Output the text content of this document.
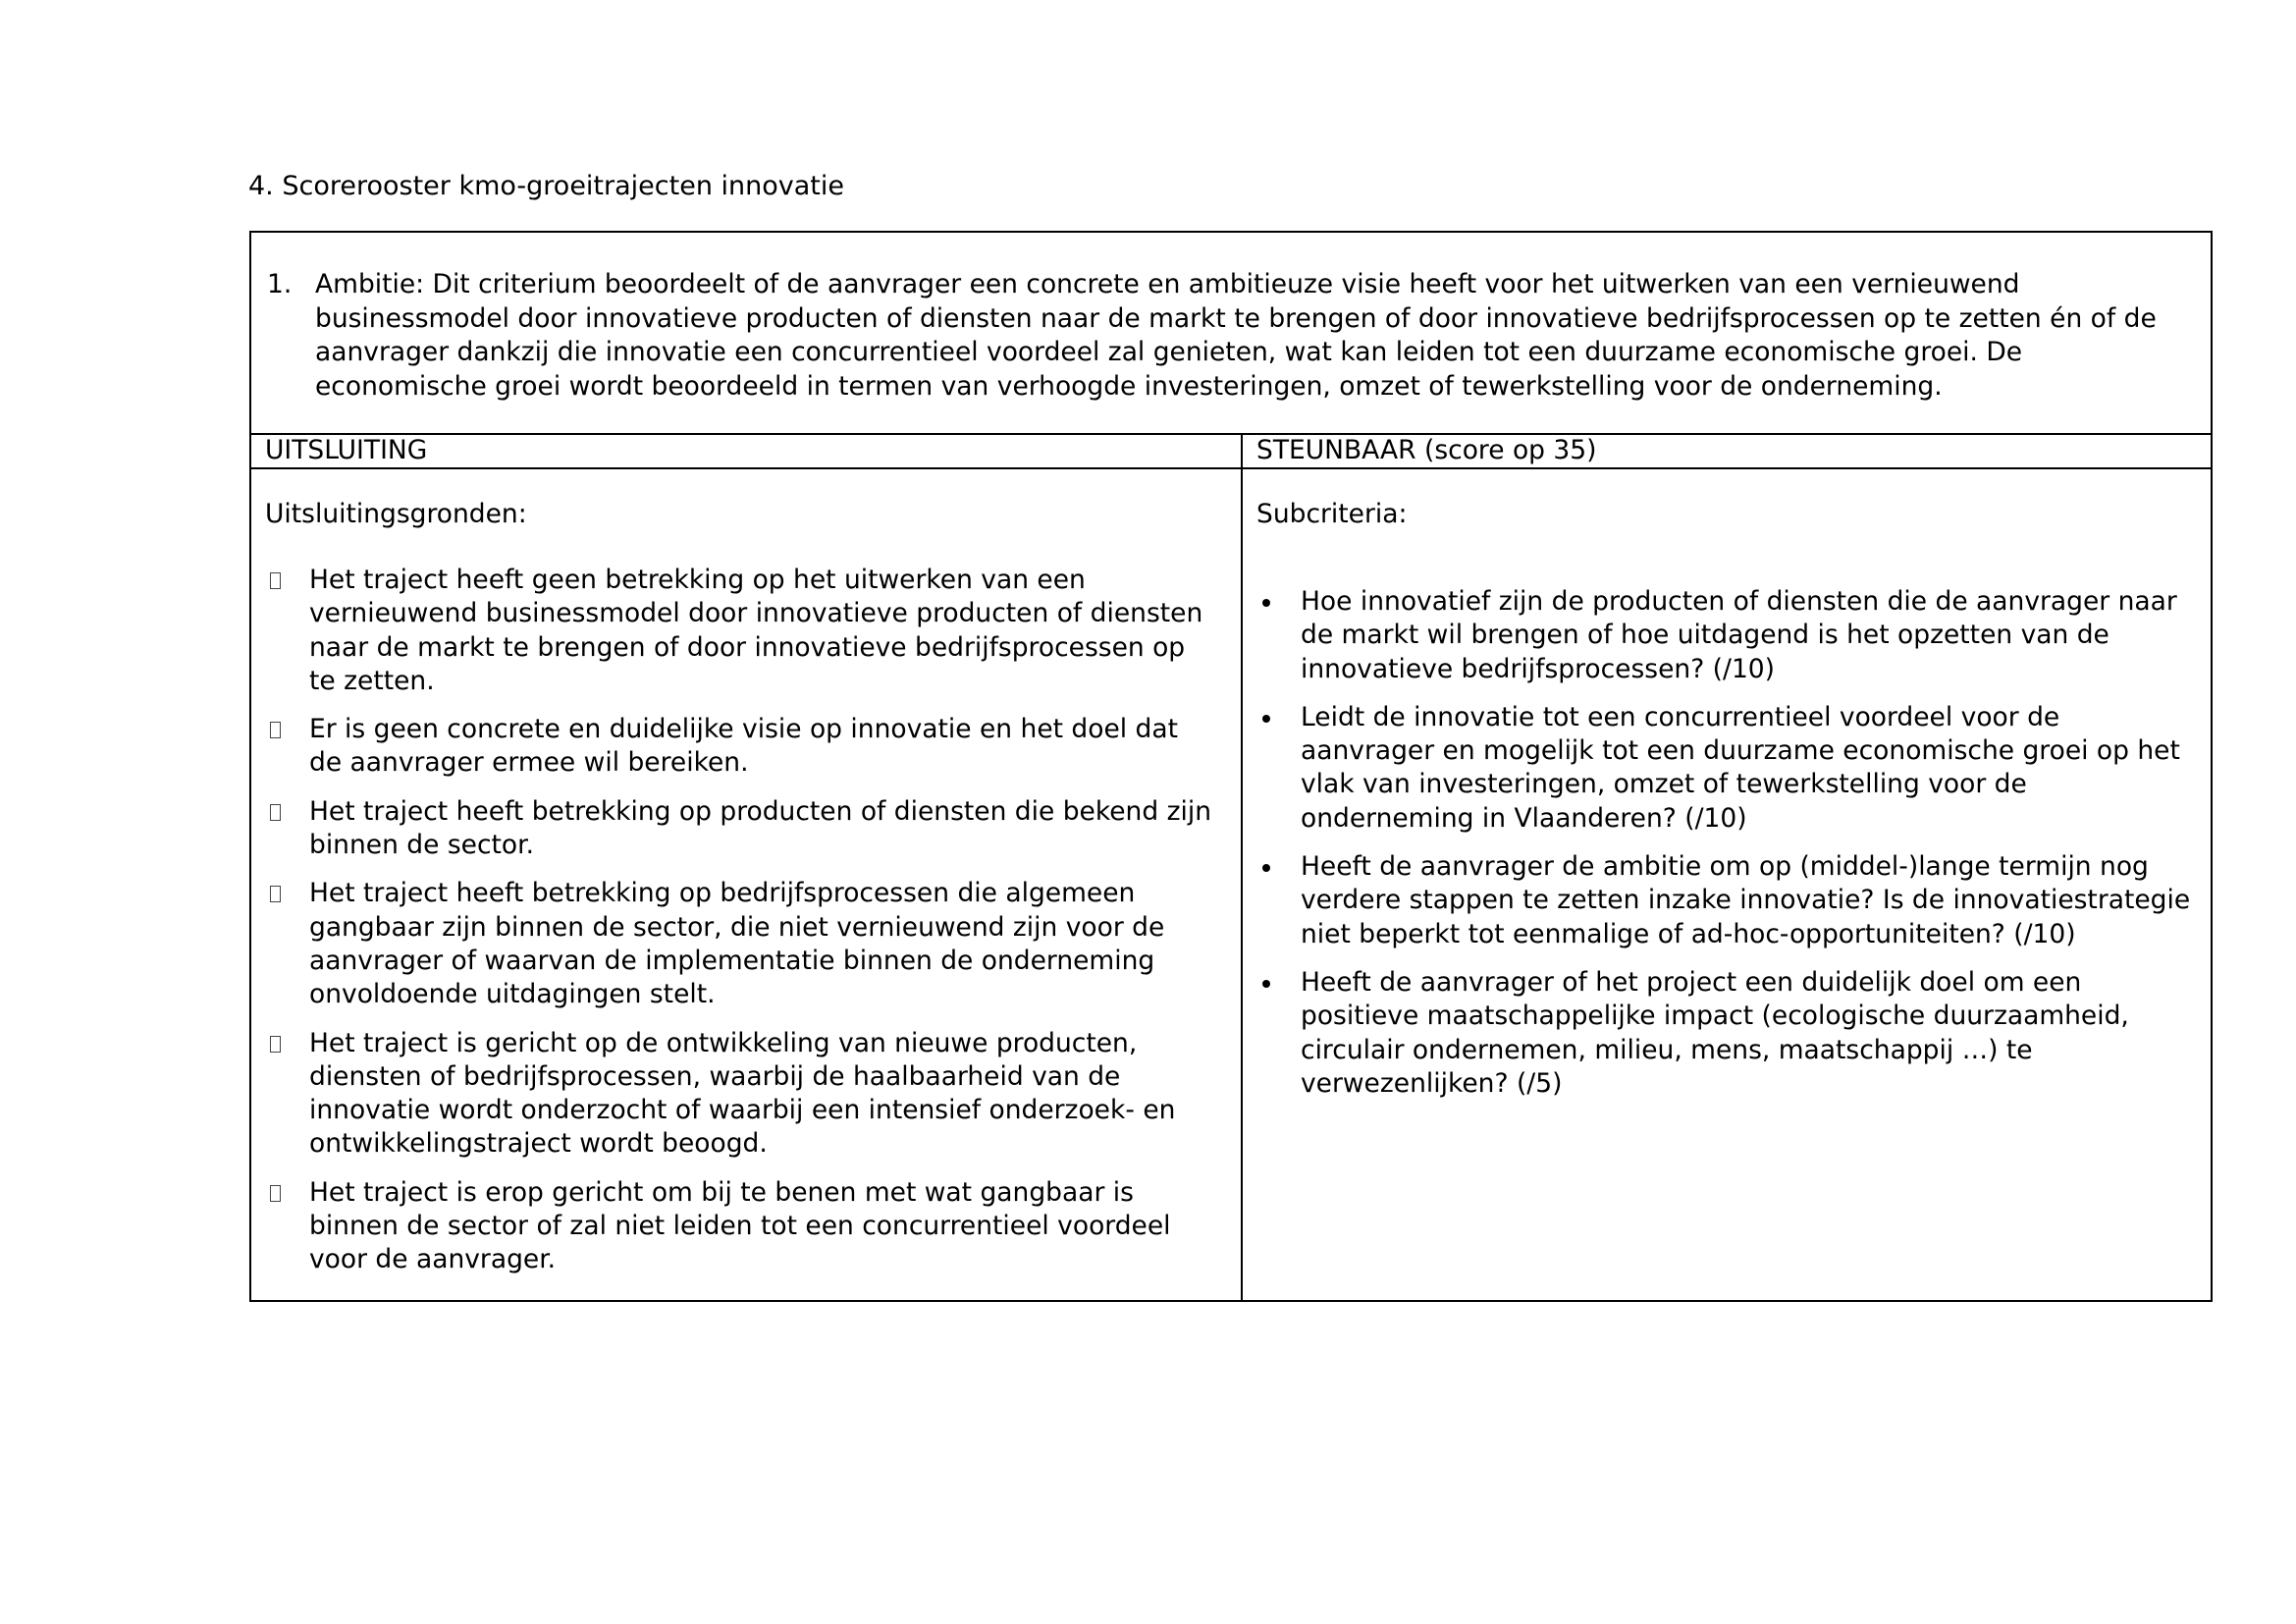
4. Scorerooster kmo-groeitrajecten innovatie
1. Ambitie: Dit criterium beoordeelt of de aanvrager een concrete en ambitieuze visie heeft voor het uitwerken van een vernieuwend businessmodel door innovatieve producten of diensten naar de markt te brengen of door innovatieve bedrijfsprocessen op te zetten én of de aanvrager dankzij die innovatie een concurrentieel voordeel zal genieten, wat kan leiden tot een duurzame economische groei. De economische groei wordt beoordeeld in termen van verhoogde investeringen, omzet of tewerkstelling voor de onderneming.
UITSLUITING	STEUNBAAR (score op 35)
Uitsluitingsgronden:
Het traject heeft geen betrekking op het uitwerken van een vernieuwend businessmodel door innovatieve producten of diensten naar de markt te brengen of door innovatieve bedrijfsprocessen op te zetten.
Er is geen concrete en duidelijke visie op innovatie en het doel dat de aanvrager ermee wil bereiken.
Het traject heeft betrekking op producten of diensten die bekend zijn binnen de sector.
Het traject heeft betrekking op bedrijfsprocessen die algemeen gangbaar zijn binnen de sector, die niet vernieuwend zijn voor de aanvrager of waarvan de implementatie binnen de onderneming onvoldoende uitdagingen stelt.
Het traject is gericht op de ontwikkeling van nieuwe producten, diensten of bedrijfsprocessen, waarbij de haalbaarheid van de innovatie wordt onderzocht of waarbij een intensief onderzoek- en ontwikkelingstraject wordt beoogd.
Het traject is erop gericht om bij te benen met wat gangbaar is binnen de sector of zal niet leiden tot een concurrentieel voordeel voor de aanvrager.
Subcriteria:
Hoe innovatief zijn de producten of diensten die de aanvrager naar de markt wil brengen of hoe uitdagend is het opzetten van de innovatieve bedrijfsprocessen? (/10)
Leidt de innovatie tot een concurrentieel voordeel voor de aanvrager en mogelijk tot een duurzame economische groei op het vlak van investeringen, omzet of tewerkstelling voor de onderneming in Vlaanderen? (/10)
Heeft de aanvrager de ambitie om op (middel-)lange termijn nog verdere stappen te zetten inzake innovatie? Is de innovatiestrategie niet beperkt tot eenmalige of ad-hoc-opportuniteiten? (/10)
Heeft de aanvrager of het project een duidelijk doel om een positieve maatschappelijke impact (ecologische duurzaamheid, circulair ondernemen, milieu, mens, maatschappij …) te verwezenlijken? (/5)
